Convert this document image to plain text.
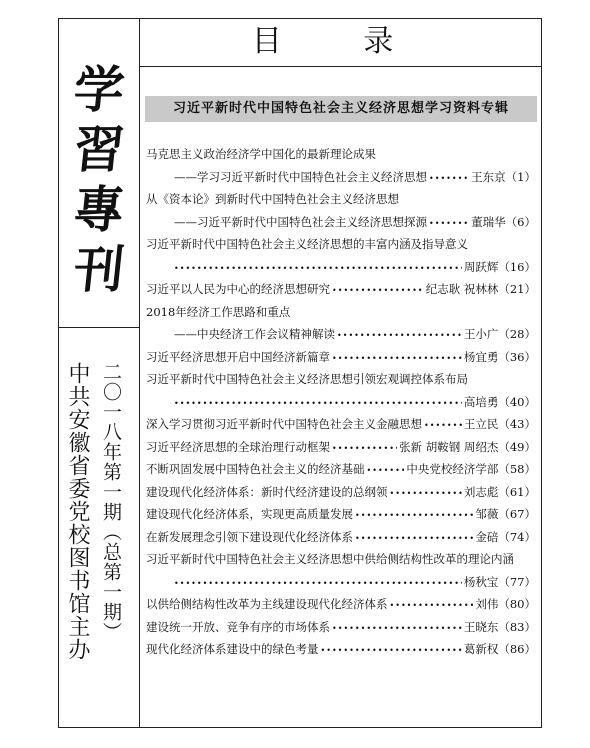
学
習
專
刊
中共安徽省委党校图书馆主办 二〇一八年第一期（总第一期）
目 录
习近平新时代中国特色社会主义经济思想学习资料专辑
马克思主义政治经济学中国化的最新理论成果
——学习习近平新时代中国特色社会主义经济思想 •••••	王东京 （1）
从《资本论》到新时代中国特色社会主义经济思想
——习近平新时代中国特色社会主义经济思想探源 •••••	董瑞华 （6）
习近平新时代中国特色社会主义经济思想的丰富内涵及指导意义
•••••
周跃辉 （16）
习近平以人民为中心的经济思想研究 •••••	纪志耿 祝林林 （21）
2018年经济工作思路和重点
——中央经济工作会议精神解读 •••••	王小广 （28）
习近平经济思想开启中国经济新篇章 •••••	杨宜勇 （36）
习近平新时代中国特色社会主义经济思想引领宏观调控体系布局
•••••
高培勇 （40）
深入学习贯彻习近平新时代中国特色社会主义金融思想 •••••	王立民 （43）
习近平经济思想的全球治理行动框架 •••••	张新 胡鞍钢 周绍杰 （49）
不断巩固发展中国特色社会主义的经济基础 •••••	中央党校经济学部 （58）
建设现代化经济体系：新时代经济建设的总纲领 •••••	刘志彪 （61）
建设现代化经济体系，实现更高质量发展 •••••	邹薇 （67）
在新发展理念引领下建设现代化经济体系 •••••	金碚 （74）
习近平新时代中国特色社会主义经济思想中供给侧结构性改革的理论内涵
•••••
杨秋宝 （77）
以供给侧结构性改革为主线建设现代化经济体系 •••••	刘伟 （80）
建设统一开放、竞争有序的市场体系 •••••	王晓东 （83）
现代化经济体系建设中的绿色考量 •••••	葛新权 （86）
